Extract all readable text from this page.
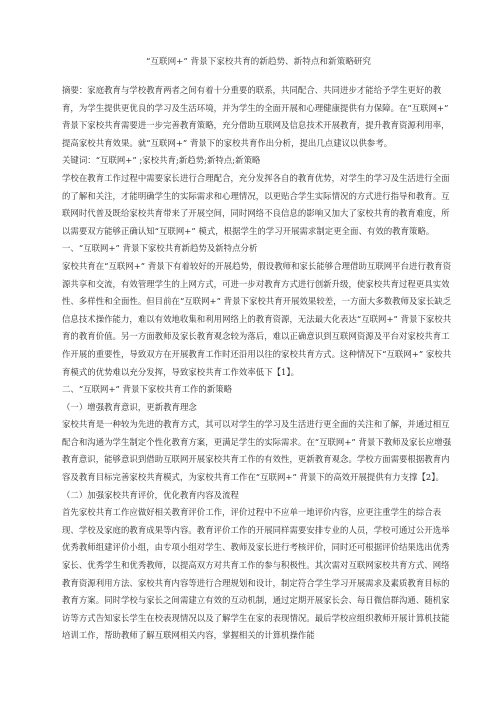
“互联网+” 背景下家校共育的新趋势、新特点和新策略研究

摘要：家庭教育与学校教育两者之间有着十分重要的联系，共同配合、共同进步才能给予学生更好的教育，为学生提供更优良的学习及生活环境，并为学生的全面开展和心理健康提供有力保障。在“互联网+” 背景下家校共育需要进一步完善教育策略，充分借助互联网及信息技术开展教育，提升教育资源利用率，提高家校共育效果。就“互联网+” 背景下的家校共育作出分析，提出几点建议以供参考。

关键词：“互联网+” ;家校共育;新趋势;新特点;新策略

学校在教育工作过程中需要家长进行合理配合，充分发挥各自的教育优势，对学生的学习及生活进行全面的了解和关注，才能明确学生的实际需求和心理情况，以更贴合学生实际情况的方式进行指导和教育。互联网时代普及既给家校共育带来了开展空间，同时网络不良信息的影响又加大了家校共育的教育难度，所以需要双方能够正确认知“互联网+” 模式，根据学生的学习开展需求制定更全面、有效的教育策略。

一、“互联网+” 背景下家校共育新趋势及新特点分析

家校共育在“互联网+” 背景下有着较好的开展趋势，假设教师和家长能够合理借助互联网平台进行教育资源共享和交流，有效管理学生的上网方式，可进一步对教育方式进行创新升级，使家校共育过程更具实效性、多样性和全面性。但目前在“互联网+” 背景下家校共育开展效果较差，一方面大多数教师及家长缺乏信息技术操作能力，难以有效地收集和利用网络上的教育资源，无法最大化表达“互联网+” 背景下家校共育的教育价值。另一方面教师及家长教育观念较为落后，难以正确意识到互联网资源及平台对家校共育工作开展的重要性，导致双方在开展教育工作时还沿用以往的家校共育方式。这种情况下“互联网+” 家校共育模式的优势难以充分发挥，导致家校共育工作效率低下【1】。

二、“互联网+” 背景下家校共育工作的新策略

（一）增强教育意识，更新教育理念

家校共育是一种较为先进的教育方式，其可以对学生的学习及生活进行更全面的关注和了解，并通过相互配合和沟通为学生制定个性化教育方案，更满足学生的实际需求。在“互联网+” 背景下教师及家长应增强教育意识，能够意识到借助互联网开展家校共育工作的有效性，更新教育观念。学校方面需要根据教育内容及教育目标完善家校共育模式，为家校共育工作在“互联网+” 背景下的高效开展提供有力支撑【2】。

（二）加强家校共育评价，优化教育内容及流程

首先家校共育工作应做好相关教育评价工作，评价过程中不应单一地评价内容，应更注重学生的综合表现、学校及家庭的教育成果等内容。教育评价工作的开展同样需要安排专业的人员，学校可通过公开选举优秀教师组建评价小组，由专项小组对学生、教师及家长进行考核评价，同时还可根据评价结果选出优秀家长、优秀学生和优秀教师，以提高双方对共育工作的参与积极性。其次需对互联网家校共育方式、网络教育资源利用方法、家校共育内容等进行合理规划和设计，制定符合学生学习开展需求及素质教育目标的教育方案。同时学校与家长之间需建立有效的互动机制，通过定期开展家长会、每日微信群沟通、随机家访等方式告知家长学生在校表现情况以及了解学生在家的表现情况。最后学校应组织教师开展计算机技能培训工作，帮助教师了解互联网相关内容，掌握相关的计算机操作能
